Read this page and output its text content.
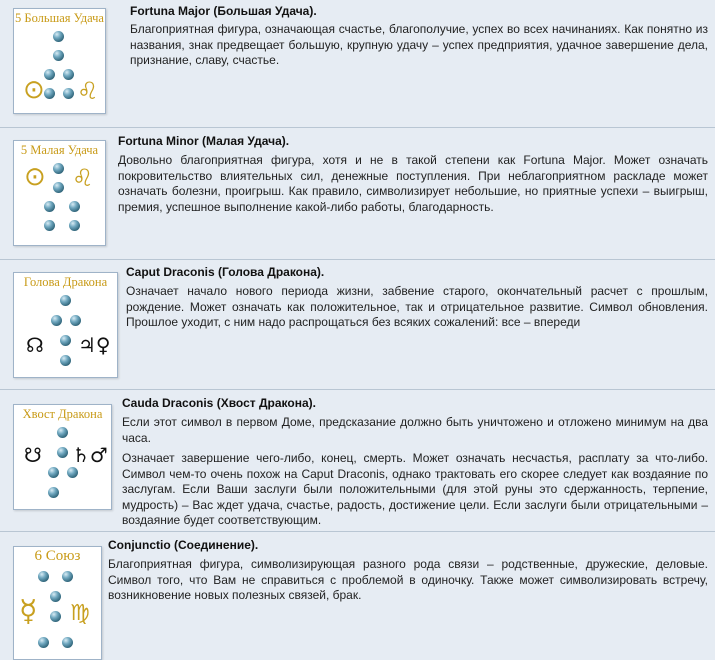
5 Большая Удача
⊙ ♌
Fortuna Major (Большая Удача).
Благоприятная фигура, означающая счастье, благополучие, успех во всех начинаниях. Как понятно из названия, знак предвещает большую, крупную удачу – успех предприятия, удачное завершение дела, признание, славу, счастье.
5 Малая Удача
⊙ ♌
Fortuna Minor (Малая Удача).
Довольно благоприятная фигура, хотя и не в такой степени как Fortuna Major. Может означать покровительство влиятельных сил, денежные поступления. При неблагоприятном раскладе может означать болезни, проигрыш. Как правило, символизирует небольшие, но приятные успехи – выигрыш, премия, успешное выполнение какой-либо работы, благодарность.
Голова Дракона
☊ ♃♀
Caput Draconis (Голова Дракона).
Означает начало нового периода жизни, забвение старого, окончательный расчет с прошлым, рождение. Может означать как положительное, так и отрицательное развитие. Символ обновления. Прошлое уходит, с ним надо распрощаться без всяких сожалений: все – впереди
Хвост Дракона
☋ ♄♂
Cauda Draconis (Хвост Дракона).

Если этот символ в первом Доме, предсказание должно быть уничтожено и отложено минимум на два часа.

Означает завершение чего-либо, конец, смерть. Может означать несчастья, расплату за что-либо. Символ чем-то очень похож на Caput Draconis, однако трактовать его скорее следует как воздаяние по заслугам. Если Ваши заслуги были положительными (для этой руны это сдержанность, терпение, мудрость) – Вас ждет удача, счастье, радость, достижение цели. Если заслуги были отрицательными – воздаяние будет соответствующим.

6 Союз
☿ ♍
Conjunctio (Соединение).
Благоприятная фигура, символизирующая разного рода связи – родственные, дружеские, деловые. Символ того, что Вам не справиться с проблемой в одиночку. Также может символизировать встречу, возникновение новых полезных связей, брак.
